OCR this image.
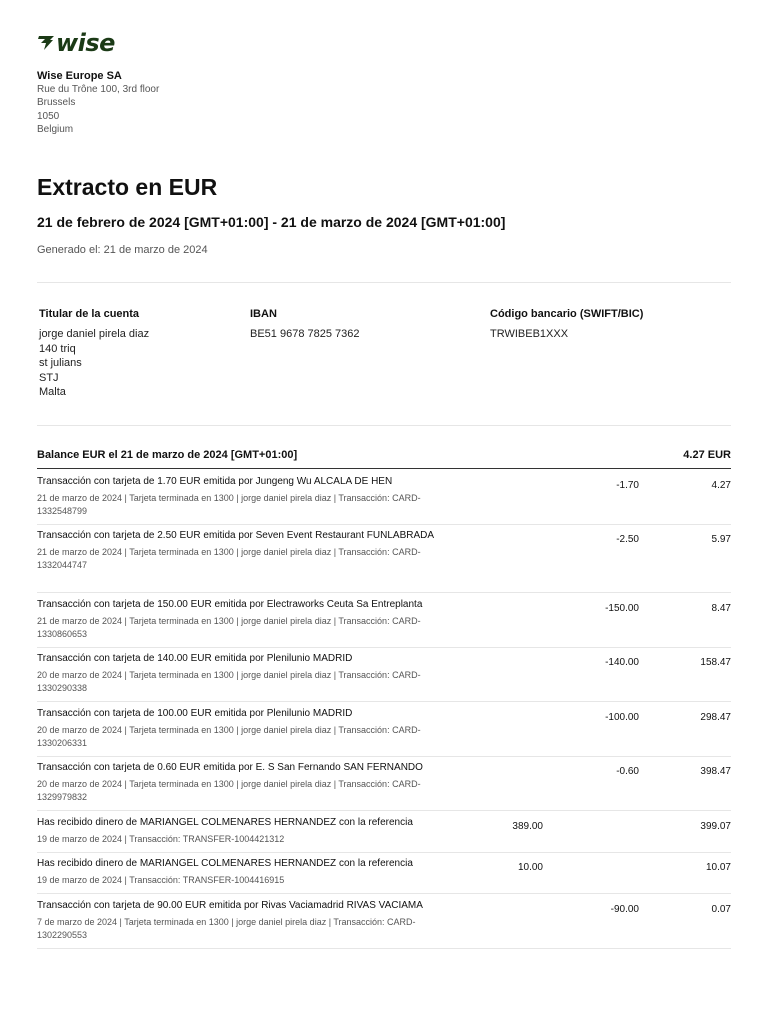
wise
Wise Europe SA
Rue du Trône 100, 3rd floor
Brussels
1050
Belgium
Extracto en EUR
21 de febrero de 2024 [GMT+01:00] - 21 de marzo de 2024 [GMT+01:00]
Generado el: 21 de marzo de 2024
Titular de la cuenta
jorge daniel pirela diaz
140 triq
st julians
STJ
Malta
IBAN
BE51 9678 7825 7362
Código bancario (SWIFT/BIC)
TRWIBEB1XXX
Balance EUR el 21 de marzo de 2024 [GMT+01:00]	4.27 EUR
Transacción con tarjeta de 1.70 EUR emitida por Jungeng Wu ALCALA DE HEN
21 de marzo de 2024 | Tarjeta terminada en 1300 | jorge daniel pirela diaz | Transacción: CARD-1332548799
-1.70	4.27
Transacción con tarjeta de 2.50 EUR emitida por Seven Event Restaurant FUNLABRADA
21 de marzo de 2024 | Tarjeta terminada en 1300 | jorge daniel pirela diaz | Transacción: CARD-1332044747
-2.50	5.97
Transacción con tarjeta de 150.00 EUR emitida por Electraworks Ceuta Sa Entreplanta
21 de marzo de 2024 | Tarjeta terminada en 1300 | jorge daniel pirela diaz | Transacción: CARD-1330860653
-150.00	8.47
Transacción con tarjeta de 140.00 EUR emitida por Plenilunio MADRID
20 de marzo de 2024 | Tarjeta terminada en 1300 | jorge daniel pirela diaz | Transacción: CARD-1330290338
-140.00	158.47
Transacción con tarjeta de 100.00 EUR emitida por Plenilunio MADRID
20 de marzo de 2024 | Tarjeta terminada en 1300 | jorge daniel pirela diaz | Transacción: CARD-1330206331
-100.00	298.47
Transacción con tarjeta de 0.60 EUR emitida por E. S San Fernando SAN FERNANDO
20 de marzo de 2024 | Tarjeta terminada en 1300 | jorge daniel pirela diaz | Transacción: CARD-1329979832
-0.60	398.47
Has recibido dinero de MARIANGEL COLMENARES HERNANDEZ con la referencia
19 de marzo de 2024 | Transacción: TRANSFER-1004421312
389.00	399.07
Has recibido dinero de MARIANGEL COLMENARES HERNANDEZ con la referencia
19 de marzo de 2024 | Transacción: TRANSFER-1004416915
10.00	10.07
Transacción con tarjeta de 90.00 EUR emitida por Rivas Vaciamadrid RIVAS VACIAMA
7 de marzo de 2024 | Tarjeta terminada en 1300 | jorge daniel pirela diaz | Transacción: CARD-1302290553
-90.00	0.07
